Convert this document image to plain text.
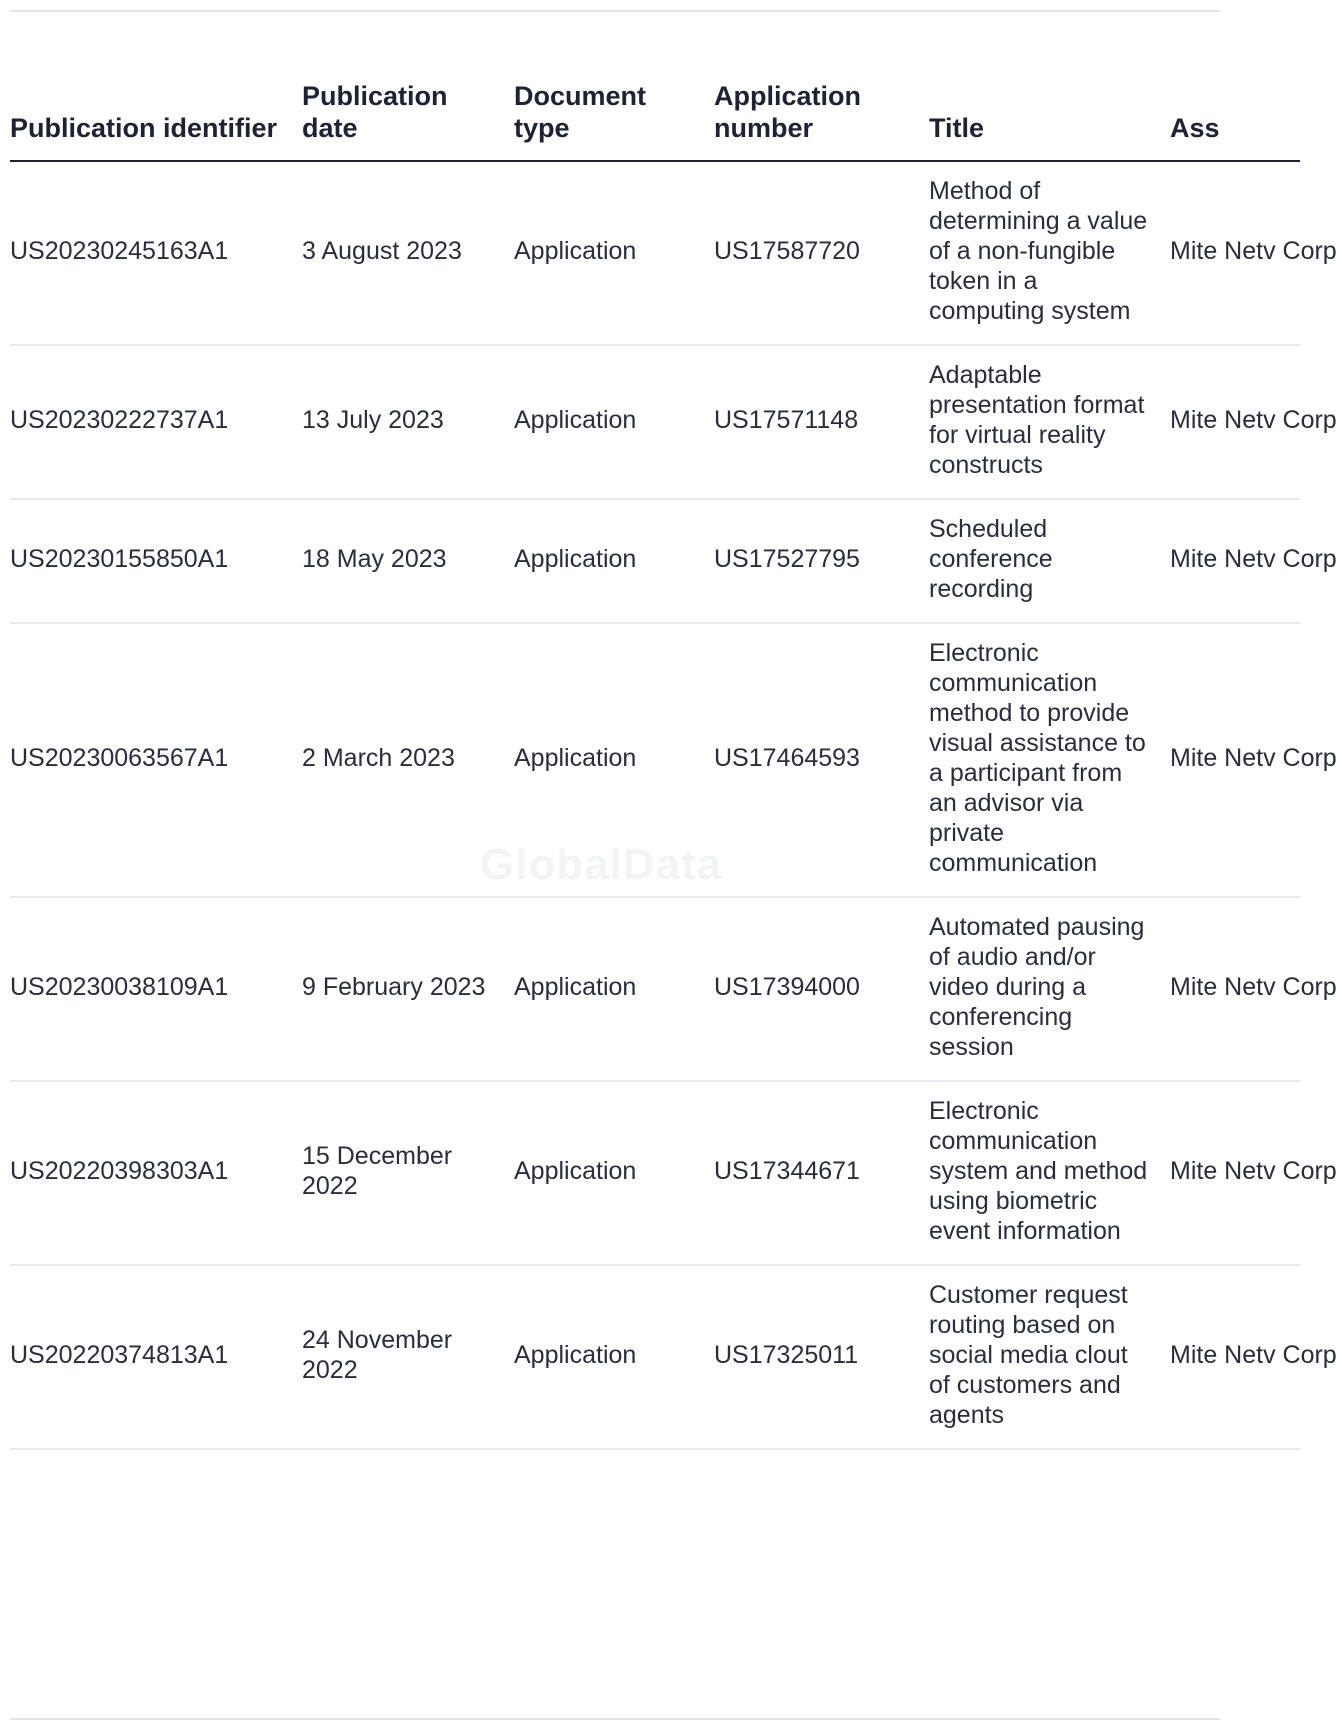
Publication identifier	Publication date	Document type	Application number	Title	Ass
US20230245163A1	3 August 2023	Application	US17587720	Method of determining a value of a non-fungible token in a computing system	Mite Netv Corp
US20230222737A1	13 July 2023	Application	US17571148	Adaptable presentation format for virtual reality constructs	Mite Netv Corp
US20230155850A1	18 May 2023	Application	US17527795	Scheduled conference recording	Mite Netv Corp
US20230063567A1	2 March 2023	Application	US17464593	Electronic communication method to provide visual assistance to a participant from an advisor via private communication	Mite Netv Corp
US20230038109A1	9 February 2023	Application	US17394000	Automated pausing of audio and/or video during a conferencing session	Mite Netv Corp
US20220398303A1	15 December 2022	Application	US17344671	Electronic communication system and method using biometric event information	Mite Netv Corp
US20220374813A1	24 November 2022	Application	US17325011	Customer request routing based on social media clout of customers and agents	Mite Netv Corp
GlobalData
